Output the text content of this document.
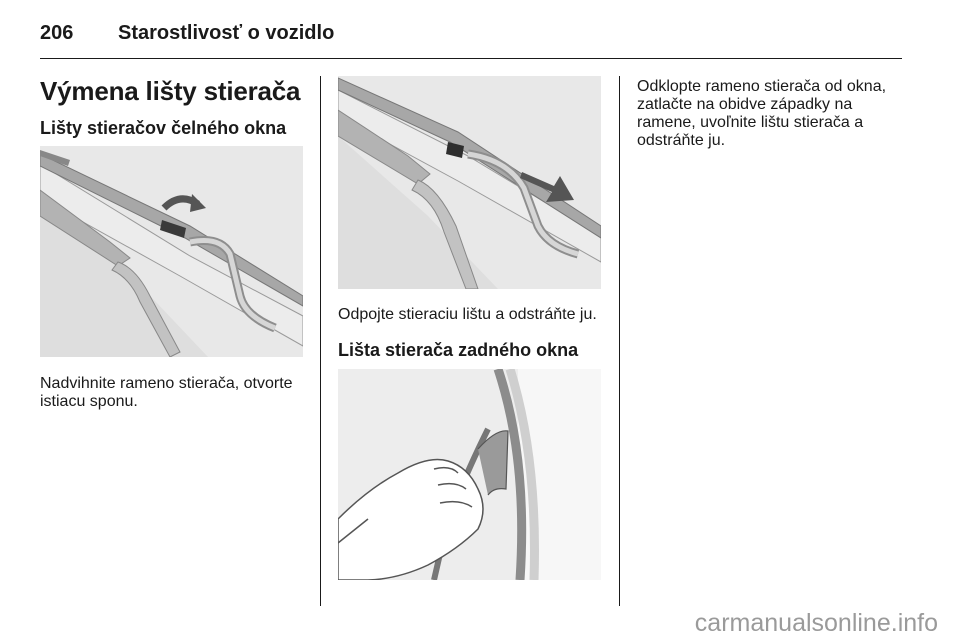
206 Starostlivosť o vozidlo
Výmena lišty stierača
Lišty stieračov čelného okna

Nadvihnite rameno stierača, otvorte istiacu sponu.

Odpojte stieraciu lištu a odstráňte ju.

Lišta stierača zadného okna

Odklopte rameno stierača od okna, zatlačte na obidve západky na ramene, uvoľnite lištu stierača a odstráňte ju.

carmanualsonline.info
